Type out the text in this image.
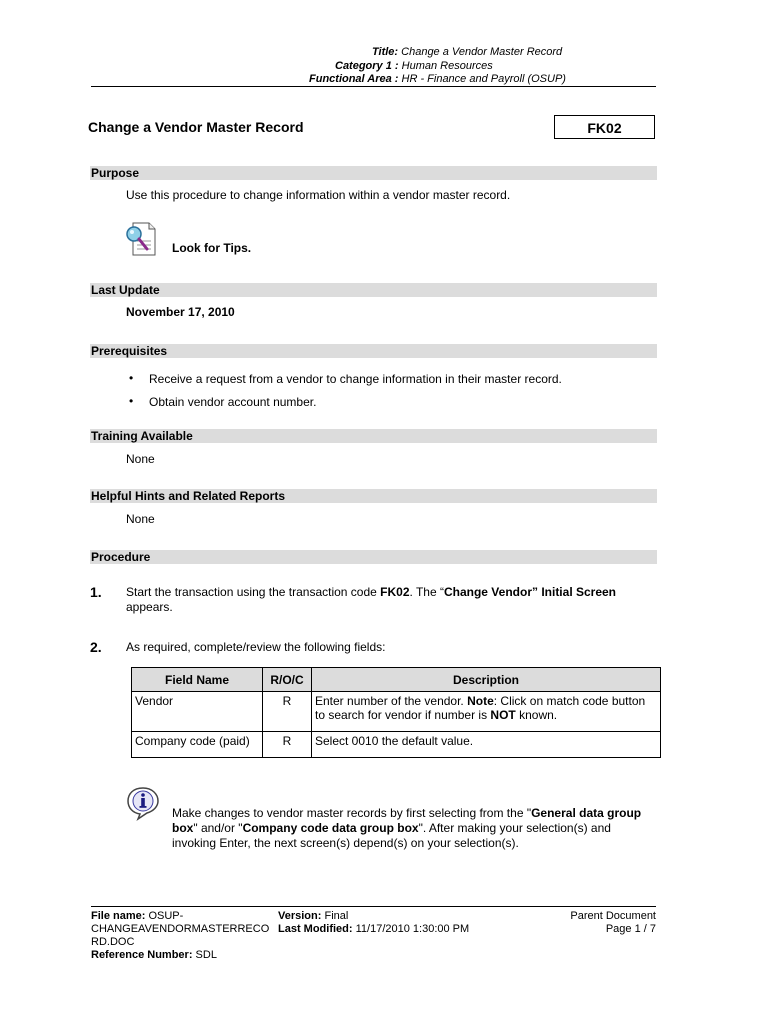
Title: Change a Vendor Master Record
Category 1 : Human Resources
Functional Area : HR - Finance and Payroll (OSUP)
Change a Vendor Master Record	FK02
Purpose
Use this procedure to change information within a vendor master record.
Look for Tips.
Last Update
November 17, 2010
Prerequisites
• Receive a request from a vendor to change information in their master record.
• Obtain vendor account number.
Training Available
None
Helpful Hints and Related Reports
None
Procedure
1. Start the transaction using the transaction code FK02. The “Change Vendor” Initial Screen
appears.
2. As required, complete/review the following fields:
Field Name	R/O/C	Description
Vendor	R	Enter number of the vendor. Note: Click on match code button to search for vendor if number is NOT known.
Company code (paid)	R	Select 0010 the default value.
Make changes to vendor master records by first selecting from the "General data group box" and/or "Company code data group box". After making your selection(s) and invoking Enter, the next screen(s) depend(s) on your selection(s).
File name: OSUP-
CHANGEAVENDORMASTERRECO
RD.DOC
Reference Number: SDL
Version: Final
Last Modified: 11/17/2010 1:30:00 PM
Parent Document
Page 1 / 7
